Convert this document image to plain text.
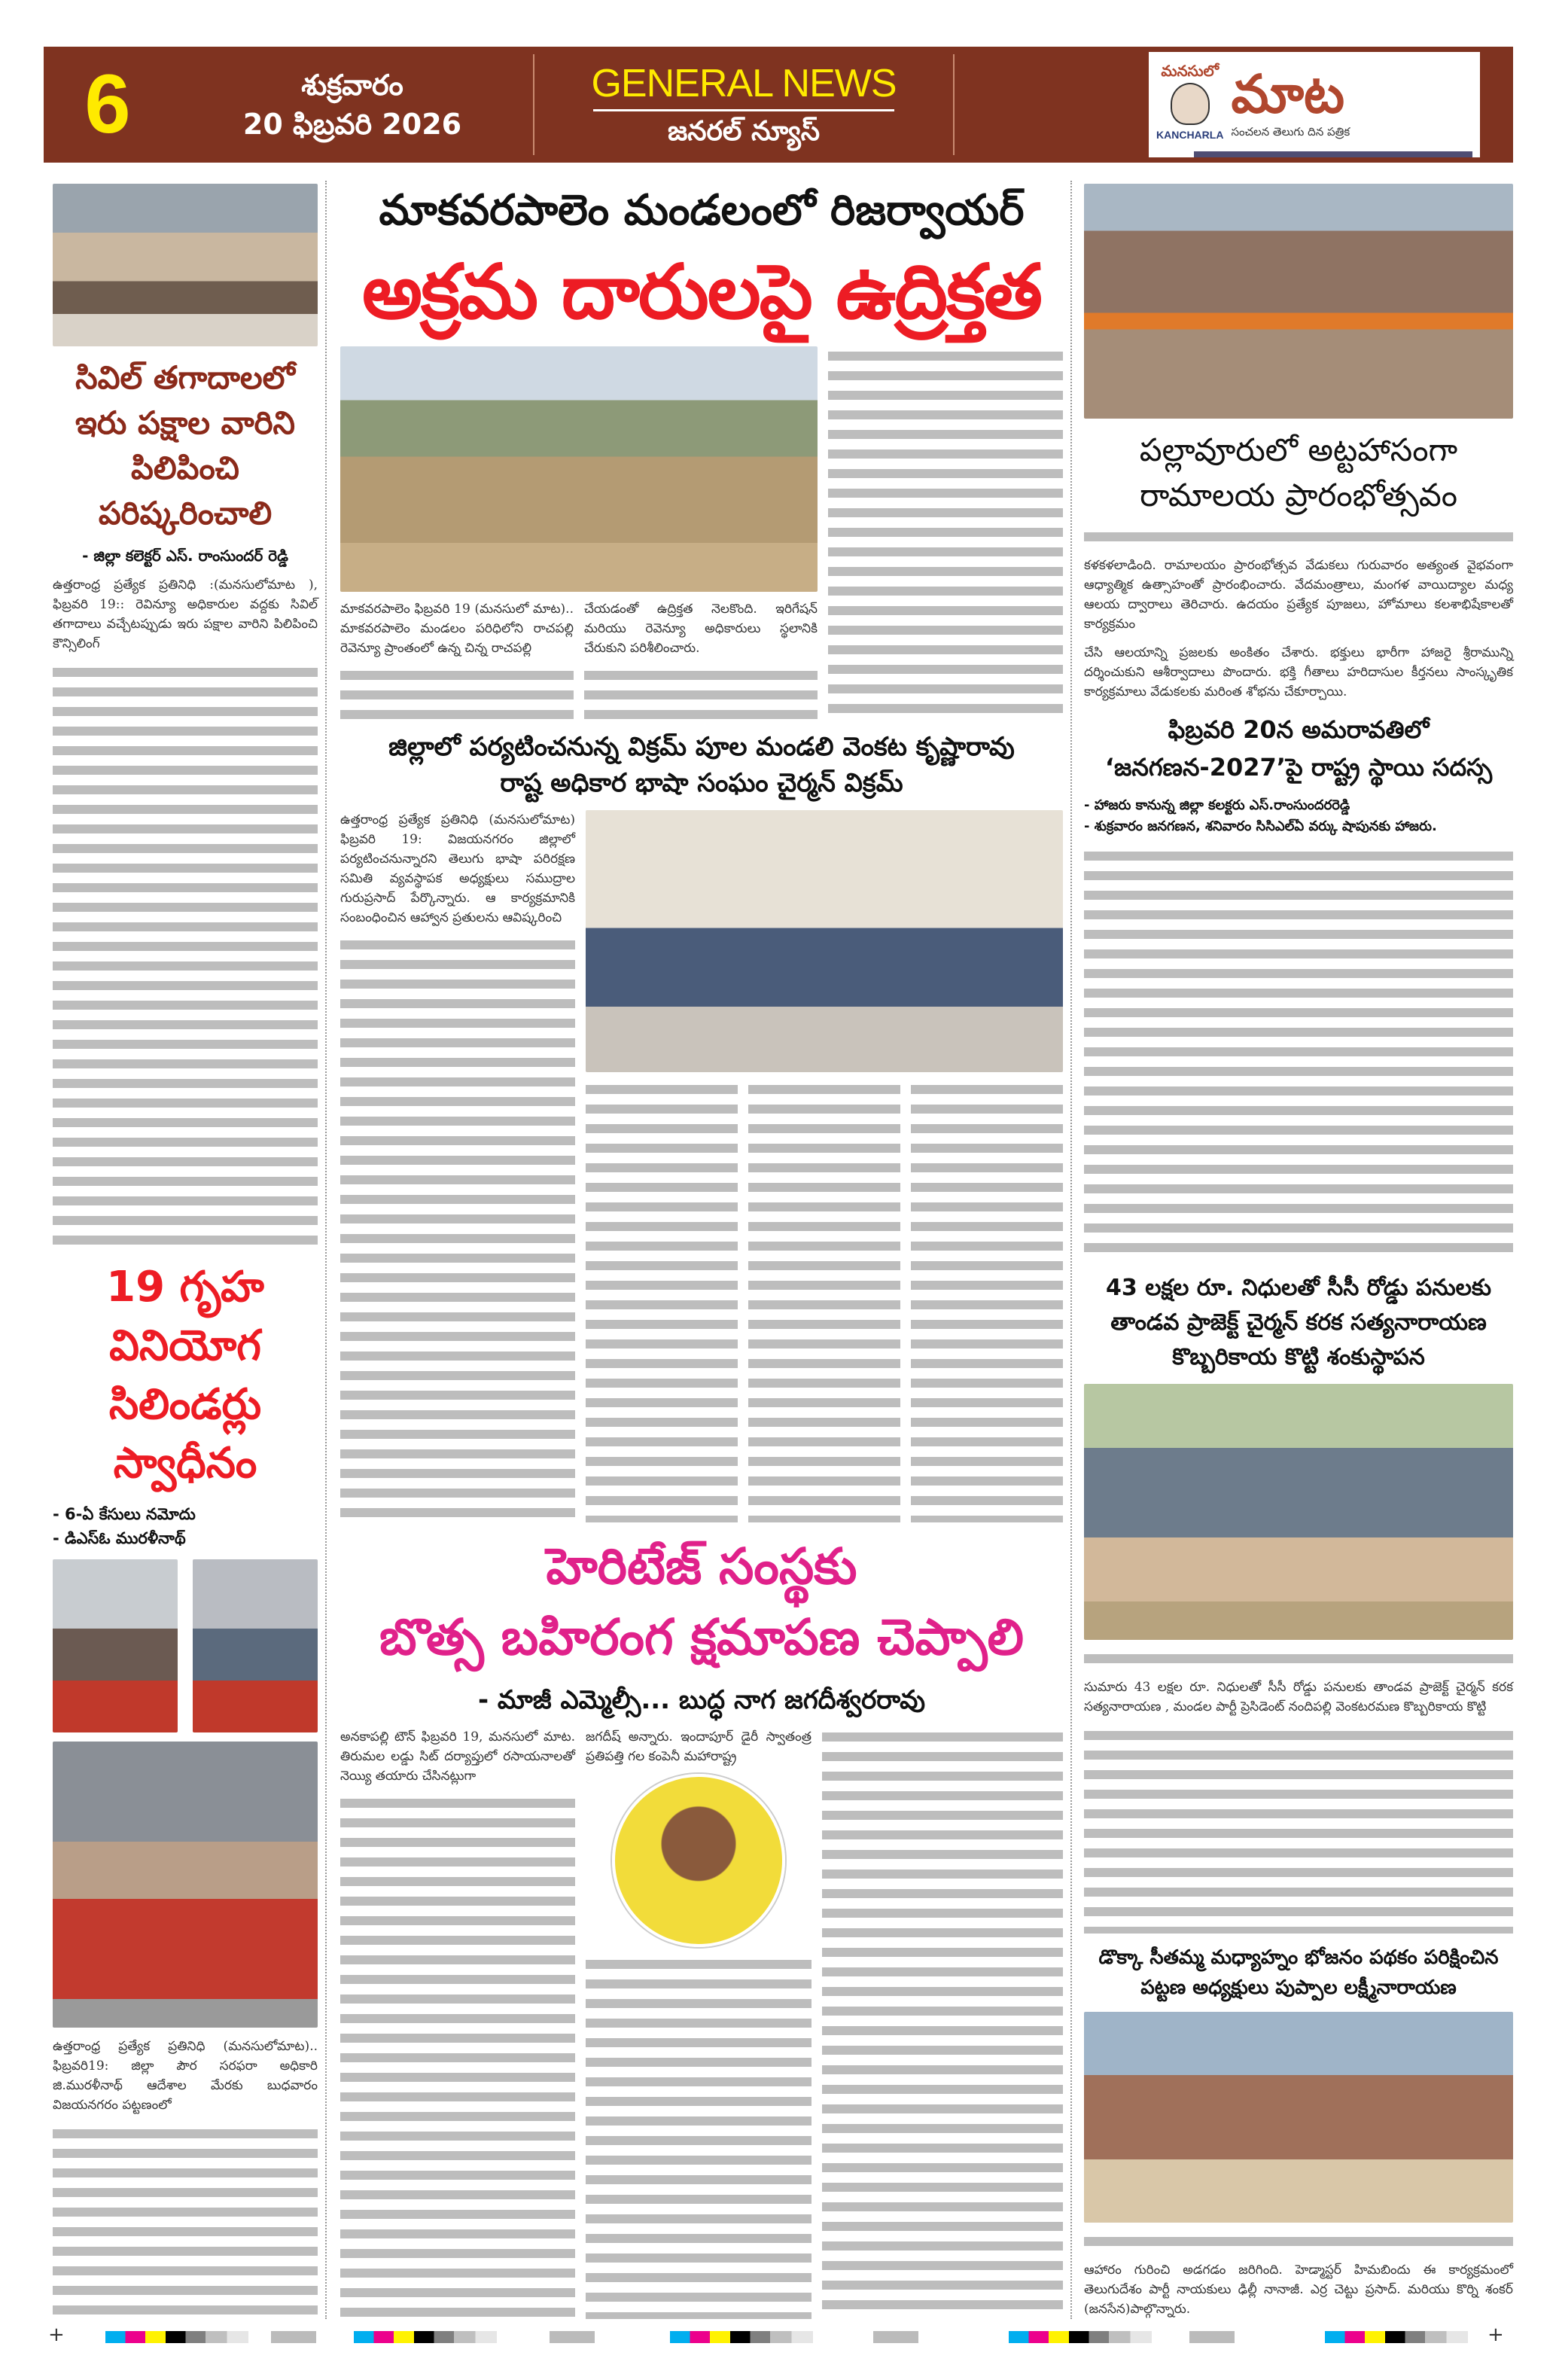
6	శుక్రవారం
20 ఫిబ్రవరి 2026
GENERAL NEWS
జనరల్ న్యూస్
మనసులో
KANCHARLA
మాట
సంచలన తెలుగు దిన పత్రిక
సివిల్ తగాదాలలో ఇరు పక్షాల వారిని పిలిపించి పరిష్కరించాలి
- జిల్లా కలెక్టర్ ఎస్. రాంసుందర్ రెడ్డి
ఉత్తరాంధ్ర ప్రత్యేక ప్రతినిధి :(మనసులోమాట ), ఫిబ్రవరి 19:: రెవిన్యూ అధికారుల వద్దకు సివిల్ తగాదాలు వచ్చేటప్పుడు ఇరు పక్షాల వారిని పిలిపించి కౌన్సిలింగ్
19 గృహ వినియోగ సిలిండర్లు స్వాధీనం
- 6-ఏ కేసులు నమోదు
- డిఎస్ఓ మురళీనాథ్
ఉత్తరాంధ్ర ప్రత్యేక ప్రతినిధి (మనసులోమాట).. ఫిబ్రవరి19: జిల్లా పౌర సరఫరా అధికారి జి.మురళీనాథ్ ఆదేశాల మేరకు బుధవారం విజయనగరం పట్టణంలో
మాకవరపాలెం మండలంలో రిజర్వాయర్
అక్రమ దారులపై ఉద్రిక్తత
మాకవరపాలెం ఫిబ్రవరి 19 (మనసులో మాట).. మాకవరపాలెం మండలం పరిధిలోని రాచపల్లి రెవెన్యూ ప్రాంతంలో ఉన్న చిన్న రాచపల్లి
చేయడంతో ఉద్రిక్తత నెలకొంది. ఇరిగేషన్ మరియు రెవెన్యూ అధికారులు స్థలానికి చేరుకుని పరిశీలించారు.
జిల్లాలో పర్యటించనున్న విక్రమ్ పూల మండలి వెంకట కృష్ణారావు
రాష్ట అధికార భాషా సంఘం చైర్మన్ విక్రమ్
ఉత్తరాంధ్ర ప్రత్యేక ప్రతినిధి (మనసులోమాట) ఫిబ్రవరి 19: విజయనగరం జిల్లాలో పర్యటించనున్నారని తెలుగు భాషా పరిరక్షణ సమితి వ్యవస్థాపక అధ్యక్షులు సముద్రాల గురుప్రసాద్ పేర్కొన్నారు. ఆ కార్యక్రమానికి సంబంధించిన ఆహ్వాన ప్రతులను ఆవిష్కరించి
హెరిటేజ్ సంస్థకు
బొత్స బహిరంగ క్షమాపణ చెప్పాలి
- మాజీ ఎమ్మెల్సీ... బుద్ధ నాగ జగదీశ్వరరావు
అనకాపల్లి టౌన్ ఫిబ్రవరి 19, మనసులో మాట. తిరుమల లడ్డు సిట్ దర్యాప్తులో రసాయనాలతో నెయ్యి తయారు చేసినట్లుగా
జగదీష్ అన్నారు. ఇందాపూర్ డైరీ స్వాతంత్ర ప్రతిపత్తి గల కంపెనీ మహారాష్ట్ర
పల్లావూరులో అట్టహాసంగా రామాలయ ప్రారంభోత్సవం
కళకళలాడింది. రామాలయం ప్రారంభోత్సవ వేడుకలు గురువారం అత్యంత వైభవంగా ఆధ్యాత్మిక ఉత్సాహంతో ప్రారంభించారు. వేదమంత్రాలు, మంగళ వాయిద్యాల మధ్య ఆలయ ద్వారాలు తెరిచారు. ఉదయం ప్రత్యేక పూజలు, హోమాలు కలశాభిషేకాలతో కార్యక్రమం
చేసి ఆలయాన్ని ప్రజలకు అంకితం చేశారు. భక్తులు భారీగా హాజరై శ్రీరామున్ని దర్శించుకుని ఆశీర్వాదాలు పొందారు. భక్తి గీతాలు హరిదాసుల కీర్తనలు సాంస్కృతిక కార్యక్రమాలు వేడుకలకు మరింత శోభను చేకూర్చాయి.
ఫిబ్రవరి 20న అమరావతిలో ‘జనగణన-2027’పై రాష్ట్ర స్థాయి సదస్స
- హాజరు కానున్న జిల్లా కలక్టరు ఎస్.రాంసుందరరెడ్డి
- శుక్రవారం జనగణన, శనివారం సిసిఎల్ఏ వర్కు షాపునకు హాజరు.
43 లక్షల రూ. నిధులతో సీసీ రోడ్డు పనులకు తాండవ ప్రాజెక్ట్ చైర్మన్ కరక సత్యనారాయణ కొబ్బరికాయ కొట్టి శంకుస్థాపన
సుమారు 43 లక్షల రూ. నిధులతో సీసీ రోడ్డు పనులకు తాండవ ప్రాజెక్ట్ చైర్మన్ కరక సత్యనారాయణ , మండల పార్టీ ప్రెసిడెంట్ నందిపల్లి వెంకటరమణ కొబ్బరికాయ కొట్టి
డొక్కా సీతమ్మ మధ్యాహ్నం భోజనం పథకం పరిక్షించిన పట్టణ అధ్యక్షులు పుప్పాల లక్ష్మీనారాయణ
ఆహారం గురించి అడగడం జరిగింది. హెడ్మాస్టర్ హిమబిందు ఈ కార్యక్రమంలో తెలుగుదేశం పార్టీ నాయకులు ఢిల్లీ నానాజీ. ఎర్ర చెట్టు ప్రసాద్. మరియు కొర్ని శంకర్ (జనసేన)పాల్గొన్నారు.
+	+
